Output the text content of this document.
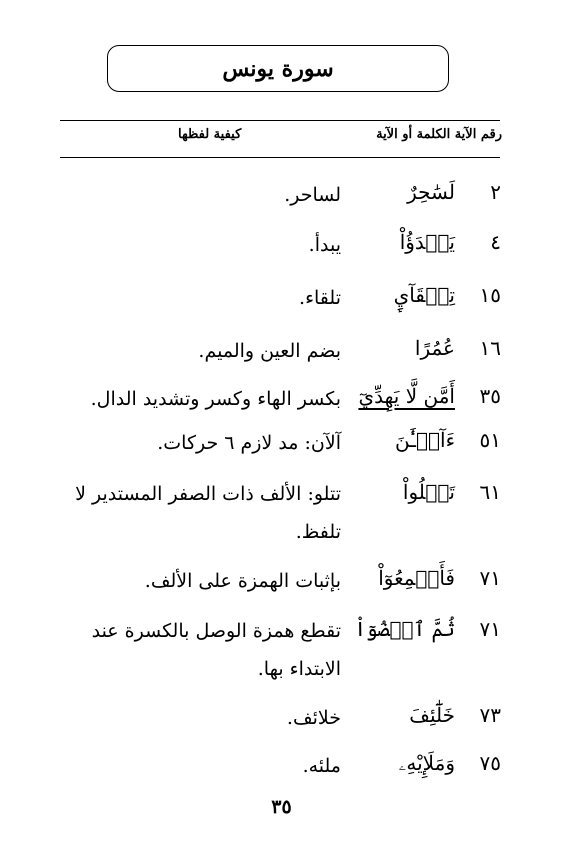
سورة يونس
رقم الآية الكلمة أو الآية
كيفية لفظها
٢
لَسَٰحِرٌ
لساحر.
٤
يَبۡدَؤُاْ
يبدأ.
١٥
تِلۡقَآيِٕ
تلقاء.
١٦
عُمُرًا
بضم العين والميم.
٣٥
أَمَّن لَّا يَهِدِّيٓ
بكسر الهاء وكسر وتشديد الدال.
٥١
ءَآلۡـَٰٔنَ
آلآن: مد لازم ٦ حركات.
٦١
تَتۡلُواْ
تتلو: الألف ذات الصفر المستدير لا تلفظ.
٧١
فَأَجۡمِعُوٓاْ
بإثبات الهمزة على الألف.
٧١
ثُمَّ ٱقۡضُوٓاْ
تقطع همزة الوصل بالكسرة عند الابتداء بها.
٧٣
خَلَٰٓئِفَ
خلائف.
٧٥
وَمَلَإِيْهِۦ
ملئه.
٣٥
